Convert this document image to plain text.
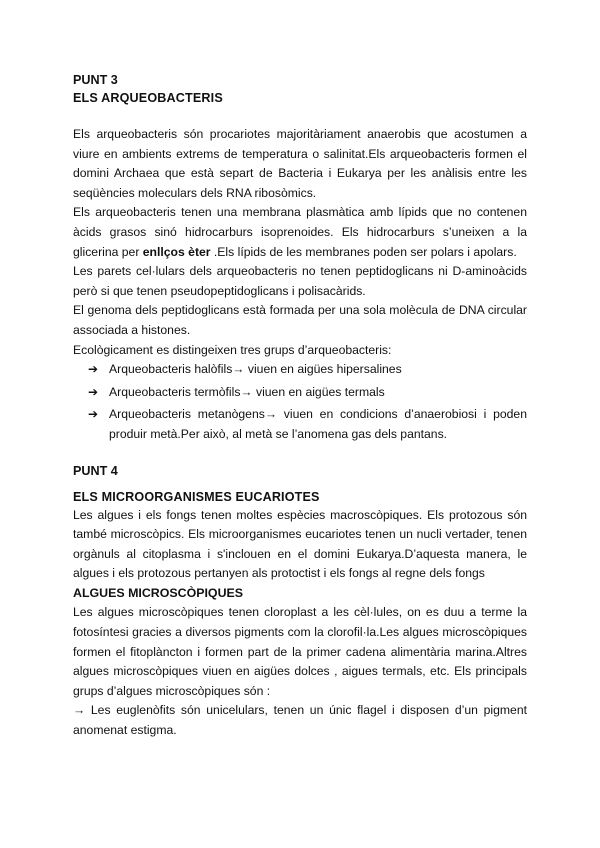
PUNT 3

ELS ARQUEOBACTERIS

Els arqueobacteris són procariotes majoritàriament anaerobis que acostumen a viure en ambients extrems de temperatura o salinitat.Els arqueobacteris formen el domini Archaea que està separt de Bacteria i Eukarya per les anàlisis entre les seqüències moleculars dels RNA ribosòmics.

Els arqueobacteris tenen una membrana plasmàtica amb lípids que no contenen àcids grasos sinó hidrocarburs isoprenoides. Els hidrocarburs s’uneixen a la glicerina per enllços èter .Els lípids de les membranes poden ser polars i apolars.

Les parets cel·lulars dels arqueobacteris no tenen peptidoglicans ni D-aminoàcids però si que tenen pseudopeptidoglicans i polisacàrids.

El genoma dels peptidoglicans està formada per una sola molècula de DNA circular associada a histones.

Ecològicament es distingeixen tres grups d’arqueobacteris:

➔ Arqueobacteris halòfils→ viuen en aigües hipersalines
➔ Arqueobacteris termòfils→ viuen en aigües termals
➔ Arqueobacteris metanògens→ viuen en condicions d’anaerobiosi i poden produir metà.Per això, al metà se l’anomena gas dels pantans.

PUNT 4

ELS MICROORGANISMES EUCARIOTES

Les algues i els fongs tenen moltes espècies macroscòpiques. Els protozous són també microscòpics. Els microorganismes eucariotes tenen un nucli vertader, tenen orgànuls al citoplasma i s'inclouen en el domini Eukarya.D’aquesta manera, le algues i els protozous pertanyen als protoctist i els fongs al regne dels fongs

ALGUES MICROSCÒPIQUES

Les algues microscòpiques tenen cloroplast a les cèl·lules, on es duu a terme la fotosíntesi gracies a diversos pigments com la clorofil·la.Les algues microscòpiques formen el fitoplàncton i formen part de la primer cadena alimentària marina.Altres algues microscòpiques viuen en aigües dolces , aigues termals, etc. Els principals grups d’algues microscòpiques són :

→ Les euglenòfits són unicelulars, tenen un únic flagel i disposen d’un pigment anomenat estigma.
